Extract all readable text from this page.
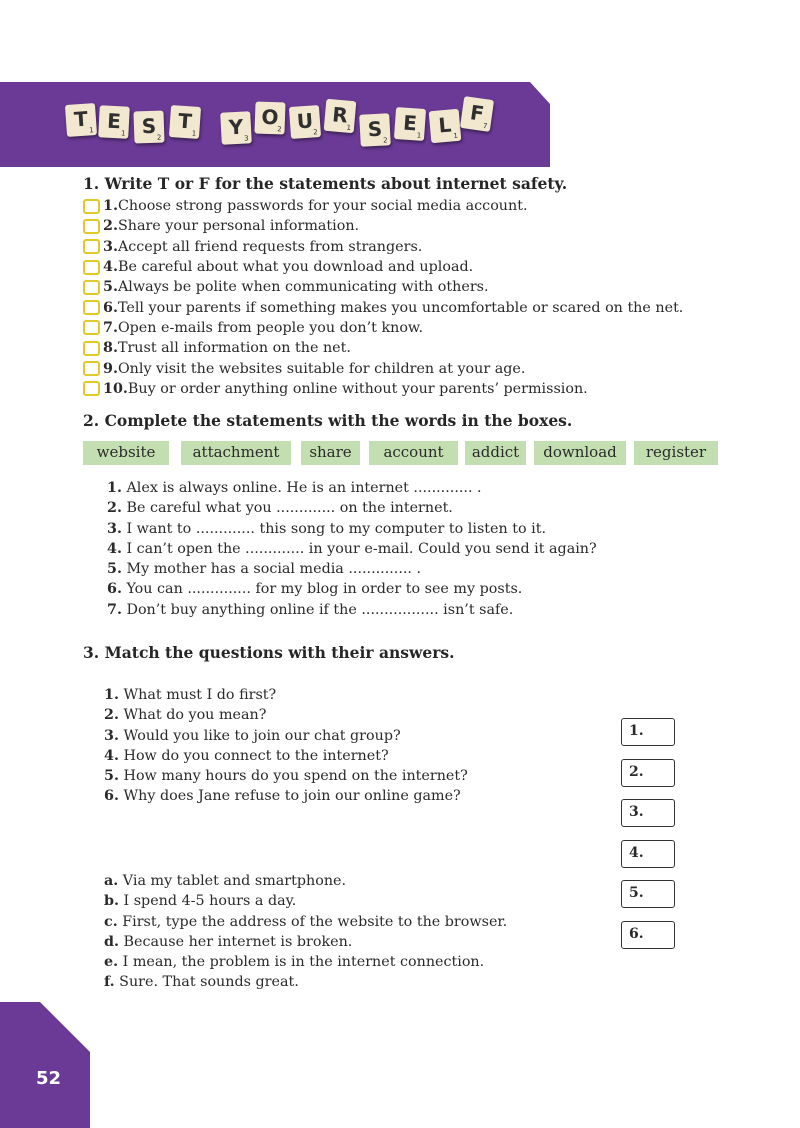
T 1 E
1 S 2
T
1	Y 3
O
2 U 2
R
1 S 2
E
1 L 1
F
7
1. Write T or F for the statements about internet safety.
1. Choose strong passwords for your social media account.
2. Share your personal information.
3. Accept all friend requests from strangers.
4. Be careful about what you download and upload.
5. Always be polite when communicating with others.
6. Tell your parents if something makes you uncomfortable or scared on the net.
7. Open e-mails from people you don’t know.
8. Trust all information on the net.
9. Only visit the websites suitable for children at your age.
10. Buy or order anything online without your parents’ permission.
2. Complete the statements with the words in the boxes.
website	attachment	share	account	addict	download	register
1. Alex is always online. He is an internet ............. .
2. Be careful what you ............. on the internet.
3. I want to ............. this song to my computer to listen to it.
4. I can’t open the ............. in your e-mail. Could you send it again?
5. My mother has a social media .............. .
6. You can .............. for my blog in order to see my posts.
7. Don’t buy anything online if the ................. isn’t safe.
3. Match the questions with their answers.
1. What must I do first?
2. What do you mean?
3. Would you like to join our chat group?
4. How do you connect to the internet?
5. How many hours do you spend on the internet?
6. Why does Jane refuse to join our online game?
a. Via my tablet and smartphone.
b. I spend 4-5 hours a day.
c. First, type the address of the website to the browser.
d. Because her internet is broken.
e. I mean, the problem is in the internet connection.
f. Sure. That sounds great.
1.
2.
3.
4.
5.
6.
52
